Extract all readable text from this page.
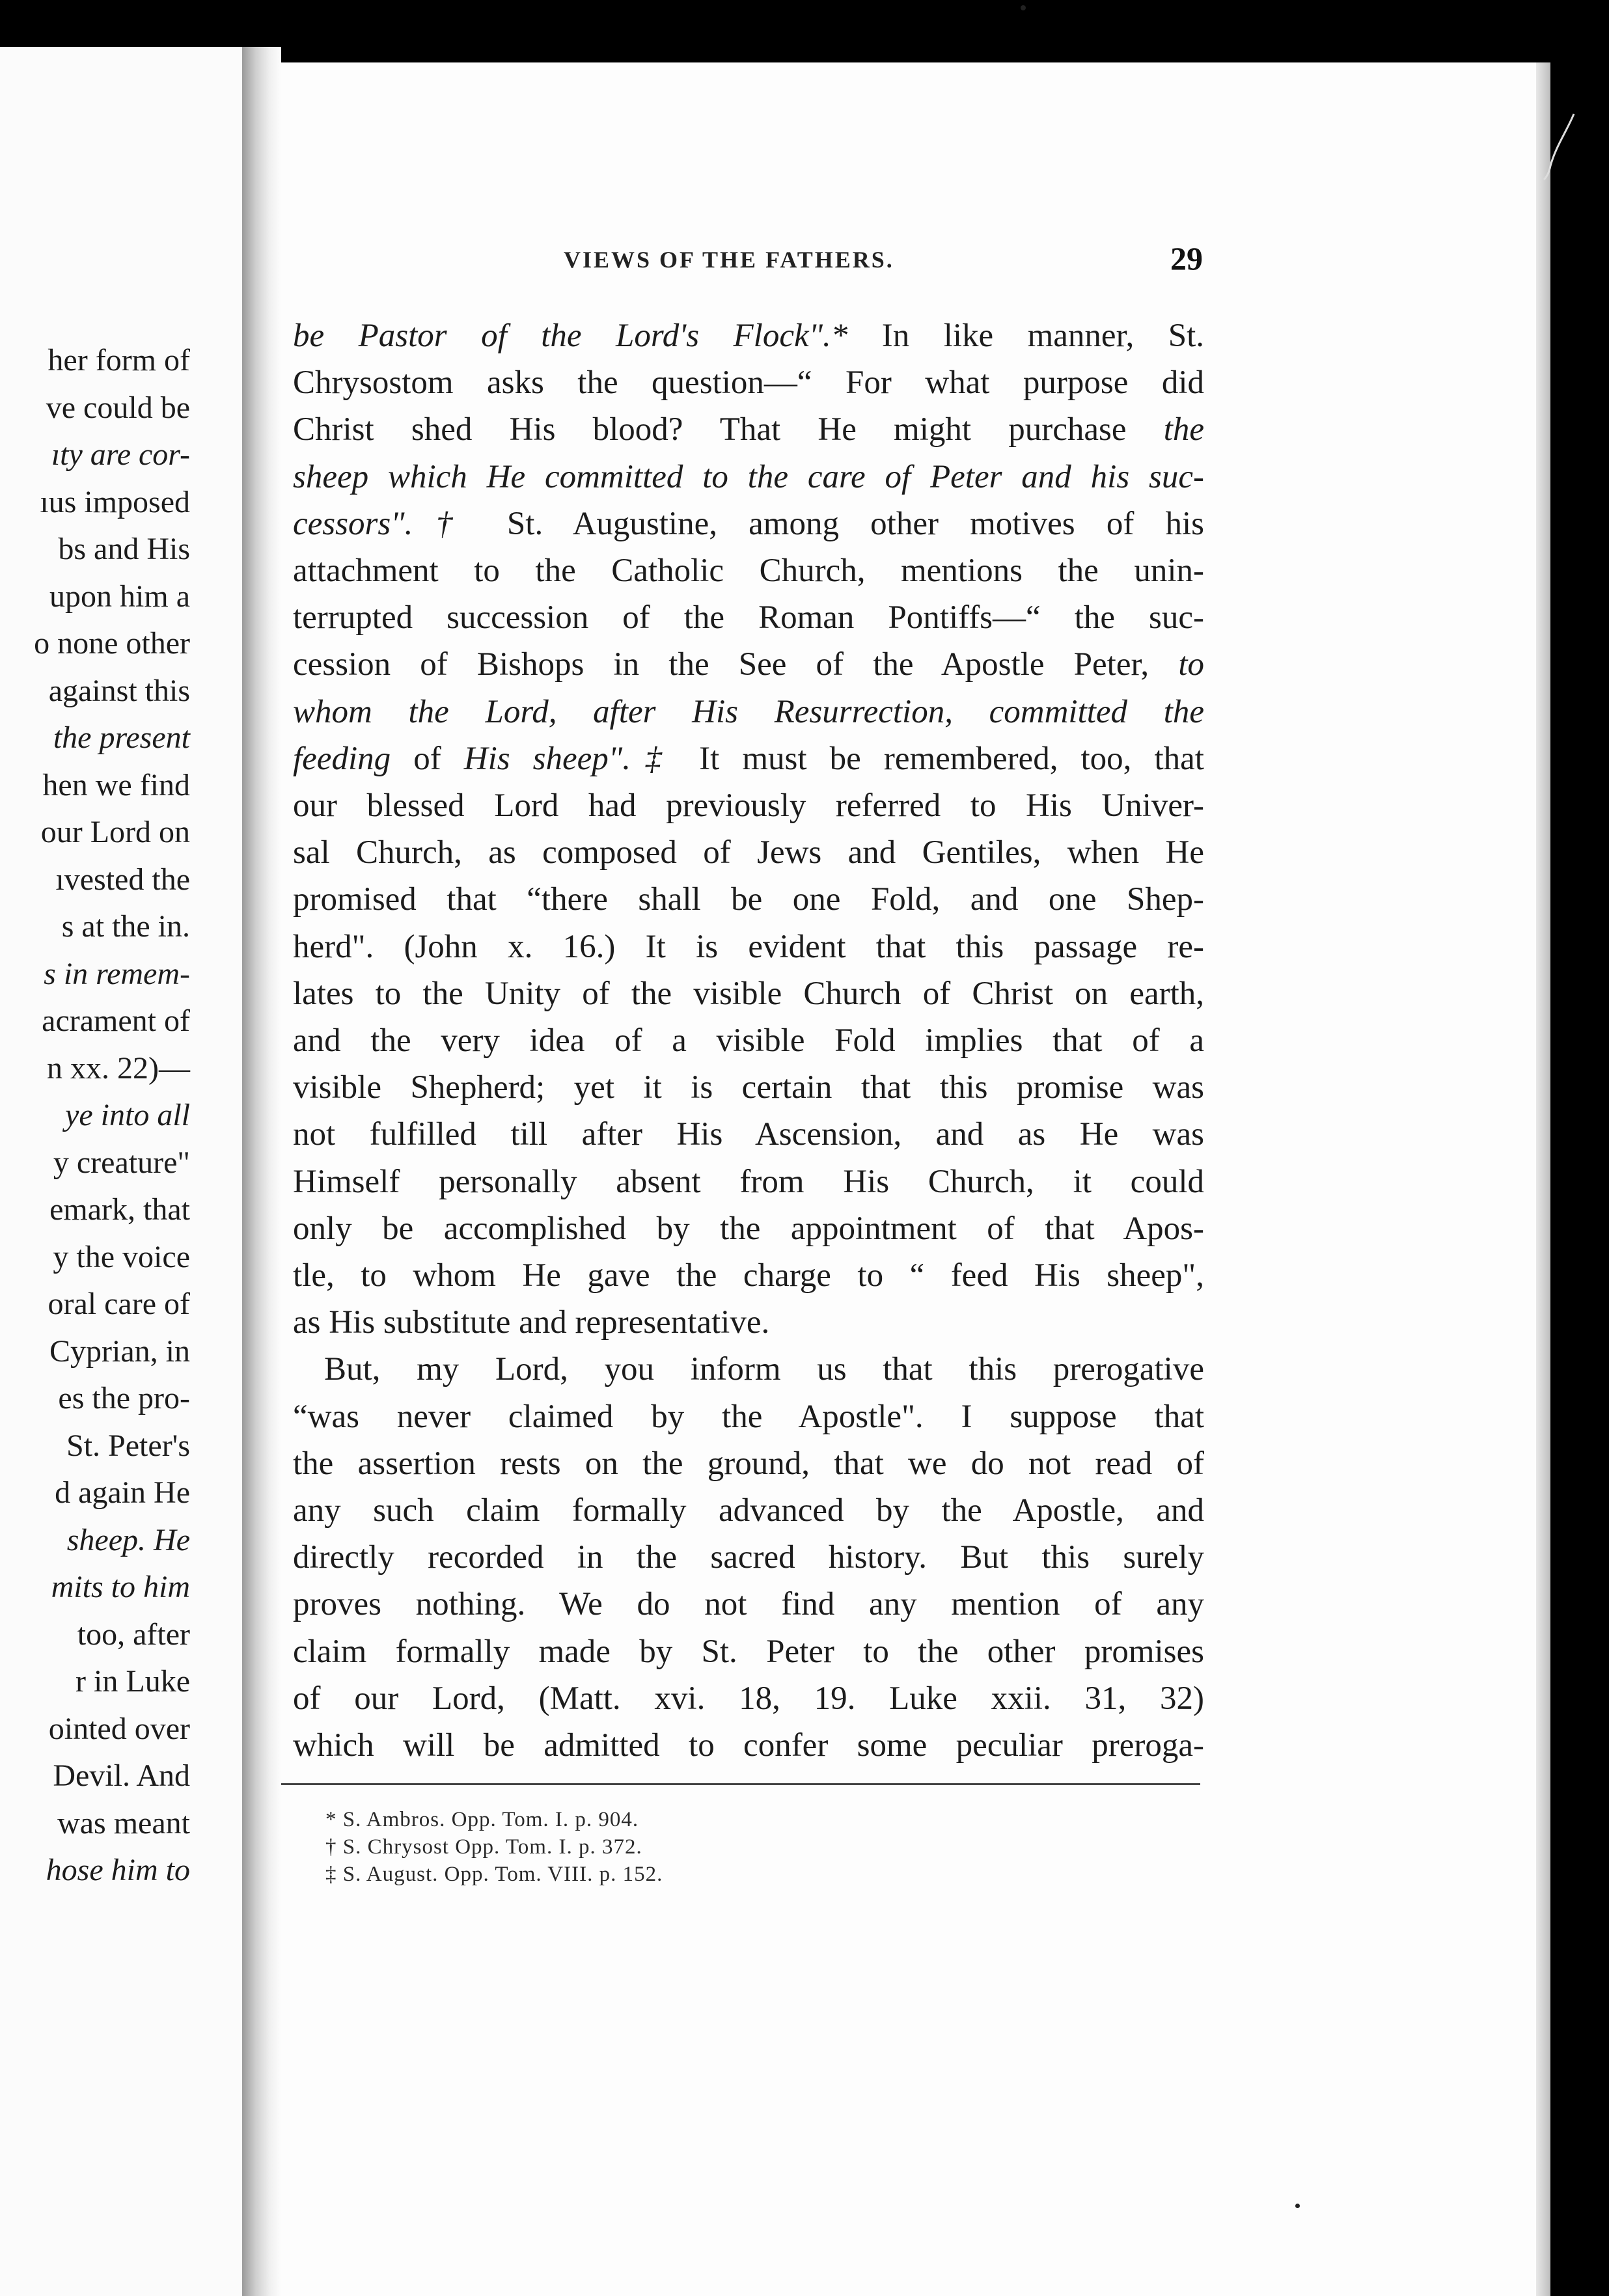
her form of
ve could be
ıty are cor-
ıus imposed
bs and His
upon him a
o none other
against this
the present
hen we find
our Lord on
ıvested the
s at the in.
s in remem-
acrament of
n xx. 22)—
ye into all
y creature"
emark, that
y the voice
oral care of
Cyprian, in
es the pro-
St. Peter's
d again He
sheep. He
mits to him
too, after
r in Luke
ointed over
Devil. And
was meant
hose him to
VIEWS OF THE FATHERS.	29
be Pastor of the Lord's Flock".* In like manner, St.
Chrysostom asks the question—“ For what purpose did
Christ shed His blood? That He might purchase the
sheep which He committed to the care of Peter and his suc-
cessors".† St. Augustine, among other motives of his
attachment to the Catholic Church, mentions the unin-
terrupted succession of the Roman Pontiffs—“ the suc-
cession of Bishops in the See of the Apostle Peter, to
whom the Lord, after His Resurrection, committed the
feeding of His sheep".‡ It must be remembered, too, that
our blessed Lord had previously referred to His Univer-
sal Church, as composed of Jews and Gentiles, when He
promised that “there shall be one Fold, and one Shep-
herd". (John x. 16.) It is evident that this passage re-
lates to the Unity of the visible Church of Christ on earth,
and the very idea of a visible Fold implies that of a
visible Shepherd; yet it is certain that this promise was
not fulfilled till after His Ascension, and as He was
Himself personally absent from His Church, it could
only be accomplished by the appointment of that Apos-
tle, to whom He gave the charge to “ feed His sheep",
as His substitute and representative.
But, my Lord, you inform us that this prerogative
“was never claimed by the Apostle". I suppose that
the assertion rests on the ground, that we do not read of
any such claim formally advanced by the Apostle, and
directly recorded in the sacred history. But this surely
proves nothing. We do not find any mention of any
claim formally made by St. Peter to the other promises
of our Lord, (Matt. xvi. 18, 19. Luke xxii. 31, 32)
which will be admitted to confer some peculiar preroga-
* S. Ambros. Opp. Tom. I. p. 904.
† S. Chrysost Opp. Tom. I. p. 372.
‡ S. August. Opp. Tom. VIII. p. 152.
